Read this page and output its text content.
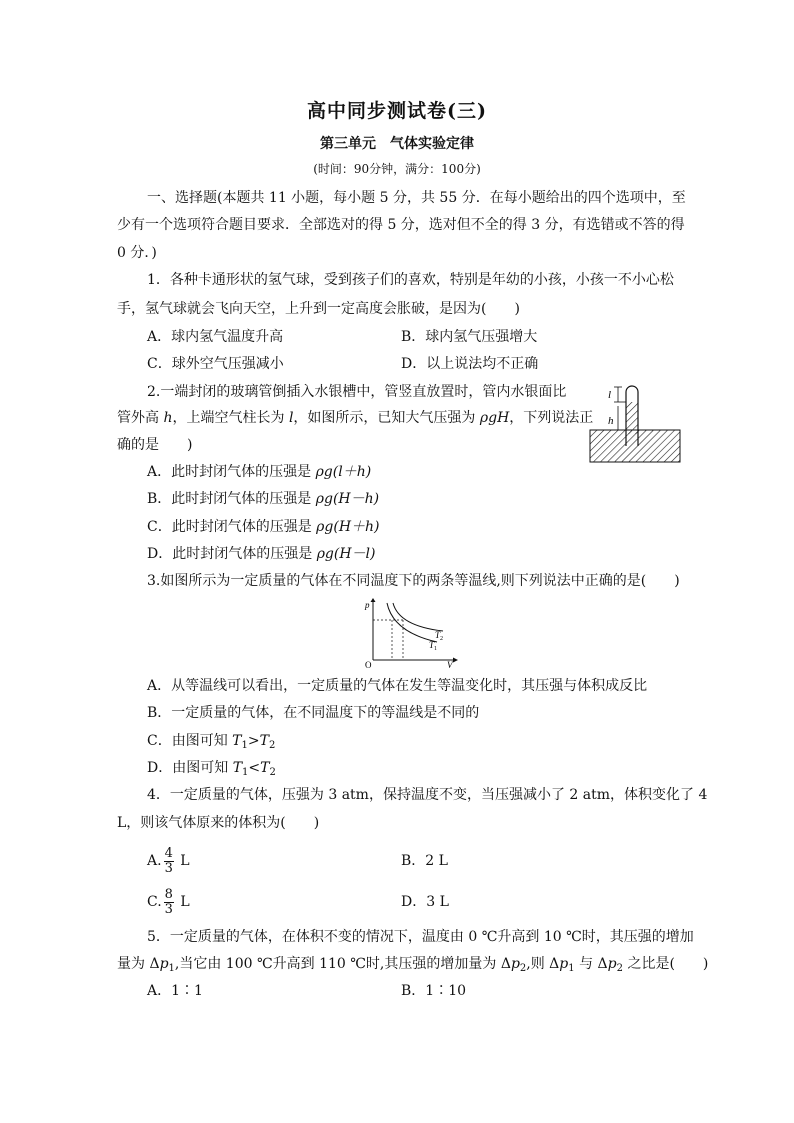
高中同步测试卷(三)
第三单元　气体实验定律
(时间：90分钟，满分：100分)
一、选择题(本题共 11 小题，每小题 5 分，共 55 分．在每小题给出的四个选项中，至
少有一个选项符合题目要求．全部选对的得 5 分，选对但不全的得 3 分，有选错或不答的得
0 分．)
1．各种卡通形状的氢气球，受到孩子们的喜欢，特别是年幼的小孩，小孩一不小心松
手，氢气球就会飞向天空，上升到一定高度会胀破，是因为(　　)
A．球内氢气温度升高	B．球内氢气压强增大
C．球外空气压强减小	D．以上说法均不正确
2.一端封闭的玻璃管倒插入水银槽中，管竖直放置时，管内水银面比
管外高 h，上端空气柱长为 l，如图所示，已知大气压强为 ρgH，下列说法正
确的是　　)
A．此时封闭气体的压强是 ρg(l＋h)
B．此时封闭气体的压强是 ρg(H－h)
C．此时封闭气体的压强是 ρg(H＋h)
D．此时封闭气体的压强是 ρg(H－l)
l
h
3.如图所示为一定质量的气体在不同温度下的两条等温线,则下列说法中正确的是(　　)
p
V
O
$T_2$
$T_1$
A．从等温线可以看出，一定质量的气体在发生等温变化时，其压强与体积成反比
B．一定质量的气体，在不同温度下的等温线是不同的
C．由图可知 $T_1>T_2$
D．由图可知 $T_1<T_2$
4．一定质量的气体，压强为 3 atm，保持温度不变，当压强减小了 2 atm，体积变化了 4
L，则该气体原来的体积为(　　)
A. $\frac{4}{3}$ L	B．2 L
C. $\frac{8}{3}$ L	D．3 L
5．一定质量的气体，在体积不变的情况下，温度由 0 ℃升高到 10 ℃时，其压强的增加
量为 $\Delta p_1$,当它由 100 ℃升高到 110 ℃时,其压强的增加量为 $\Delta p_2$,则 $\Delta p_1$ 与 $\Delta p_2$ 之比是(　　)
A．1∶1	B．1∶10
